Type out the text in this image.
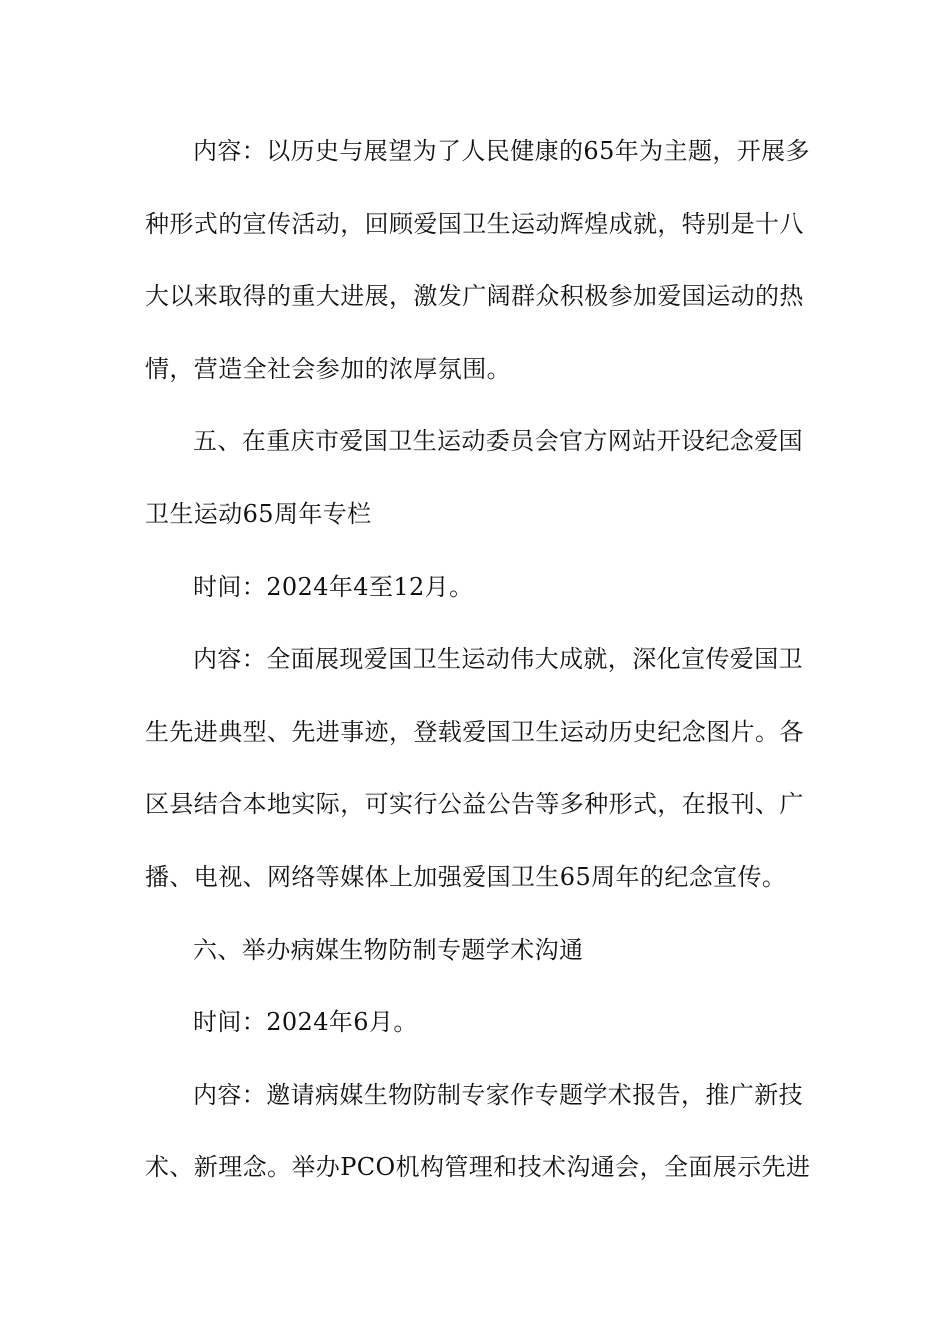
内容：以历史与展望为了人民健康的65年为主题，开展多
种形式的宣传活动，回顾爱国卫生运动辉煌成就，特别是十八
大以来取得的重大进展，激发广阔群众积极参加爱国运动的热
情，营造全社会参加的浓厚氛围。
五、在重庆市爱国卫生运动委员会官方网站开设纪念爱国
卫生运动65周年专栏
时间：2024年4至12月。
内容：全面展现爱国卫生运动伟大成就，深化宣传爱国卫
生先进典型、先进事迹，登载爱国卫生运动历史纪念图片。各
区县结合本地实际，可实行公益公告等多种形式，在报刊、广
播、电视、网络等媒体上加强爱国卫生65周年的纪念宣传。
六、举办病媒生物防制专题学术沟通
时间：2024年6月。
内容：邀请病媒生物防制专家作专题学术报告，推广新技
术、新理念。举办PCO机构管理和技术沟通会，全面展示先进
